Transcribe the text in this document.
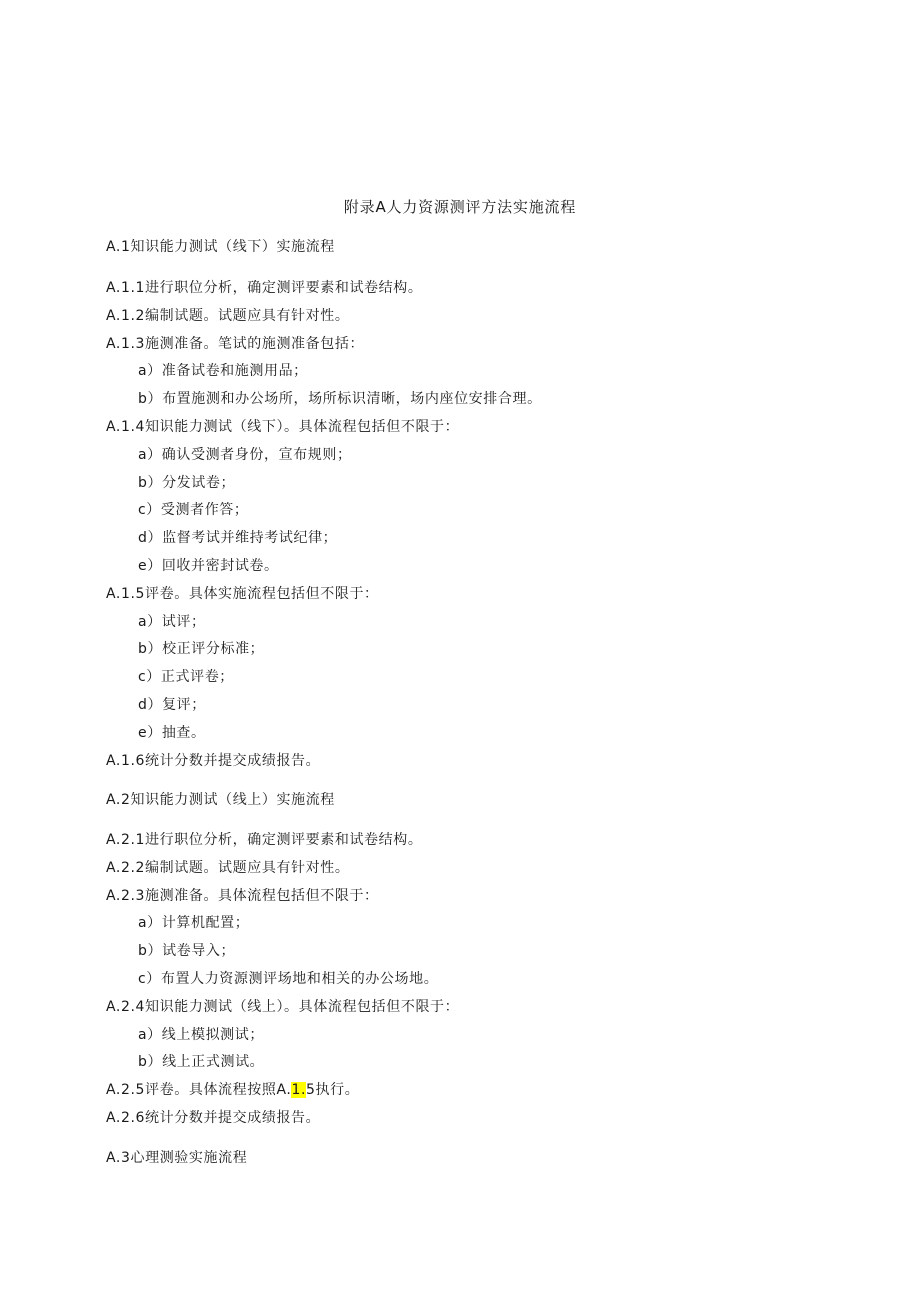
附录A人力资源测评方法实施流程
A.1知识能力测试（线下）实施流程
A.1.1进行职位分析，确定测评要素和试卷结构。
A.1.2编制试题。试题应具有针对性。
A.1.3施测准备。笔试的施测准备包括：
a）准备试卷和施测用品；
b）布置施测和办公场所，场所标识清晰，场内座位安排合理。
A.1.4知识能力测试（线下）。具体流程包括但不限于：
a）确认受测者身份，宣布规则；
b）分发试卷；
c）受测者作答；
d）监督考试并维持考试纪律；
e）回收并密封试卷。
A.1.5评卷。具体实施流程包括但不限于：
a）试评；
b）校正评分标准；
c）正式评卷；
d）复评；
e）抽查。
A.1.6统计分数并提交成绩报告。
A.2知识能力测试（线上）实施流程
A.2.1进行职位分析，确定测评要素和试卷结构。
A.2.2编制试题。试题应具有针对性。
A.2.3施测准备。具体流程包括但不限于：
a）计算机配置；
b）试卷导入；
c）布置人力资源测评场地和相关的办公场地。
A.2.4知识能力测试（线上）。具体流程包括但不限于：
a）线上模拟测试；
b）线上正式测试。
A.2.5评卷。具体流程按照A.1.5执行。
A.2.6统计分数并提交成绩报告。
A.3心理测验实施流程
